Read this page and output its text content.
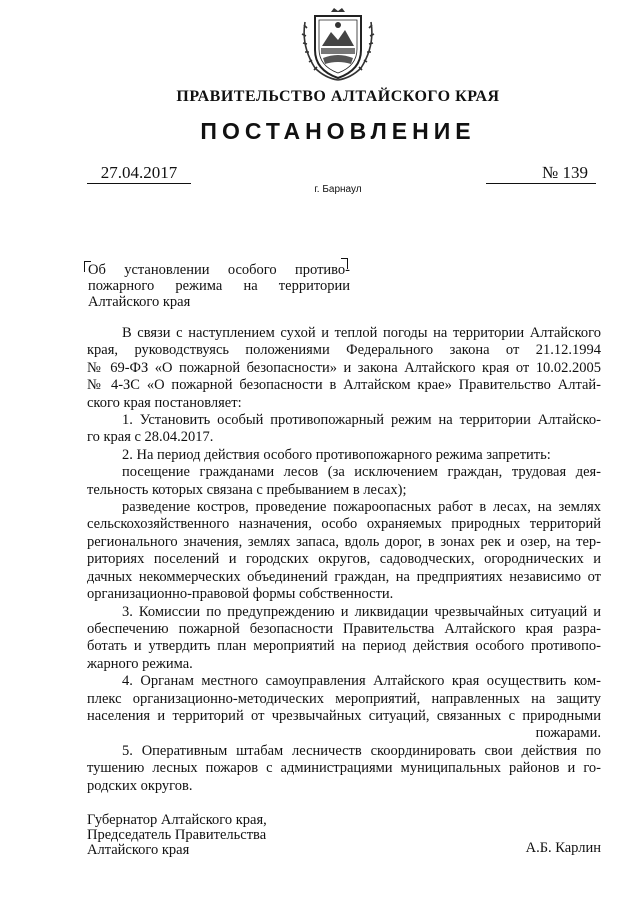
ПРАВИТЕЛЬСТВО АЛТАЙСКОГО КРАЯ
ПОСТАНОВЛЕНИЕ
27.04.2017	№ 139
г. Барнаул
Об установлении особого противо-
пожарного режима на территории
Алтайского края
В связи с наступлением сухой и теплой погоды на территории Алтайского
края, руководствуясь положениями Федерального закона от 21.12.1994
№ 69-ФЗ «О пожарной безопасности» и закона Алтайского края от 10.02.2005
№ 4-ЗС «О пожарной безопасности в Алтайском крае» Правительство Алтай-
ского края постановляет:
1. Установить особый противопожарный режим на территории Алтайско-
го края с 28.04.2017.
2. На период действия особого противопожарного режима запретить:
посещение гражданами лесов (за исключением граждан, трудовая дея-
тельность которых связана с пребыванием в лесах);
разведение костров, проведение пожароопасных работ в лесах, на землях
сельскохозяйственного назначения, особо охраняемых природных территорий
регионального значения, землях запаса, вдоль дорог, в зонах рек и озер, на тер-
риториях поселений и городских округов, садоводческих, огороднических и
дачных некоммерческих объединений граждан, на предприятиях независимо от
организационно-правовой формы собственности.
3. Комиссии по предупреждению и ликвидации чрезвычайных ситуаций и
обеспечению пожарной безопасности Правительства Алтайского края разра-
ботать и утвердить план мероприятий на период действия особого противопо-
жарного режима.
4. Органам местного самоуправления Алтайского края осуществить ком-
плекс организационно-методических мероприятий, направленных на защиту
населения и территорий от чрезвычайных ситуаций, связанных с природными
пожарами.
5. Оперативным штабам лесничеств скоординировать свои действия по
тушению лесных пожаров с администрациями муниципальных районов и го-
родских округов.
Губернатор Алтайского края,
Председатель Правительства
Алтайского края	А.Б. Карлин
